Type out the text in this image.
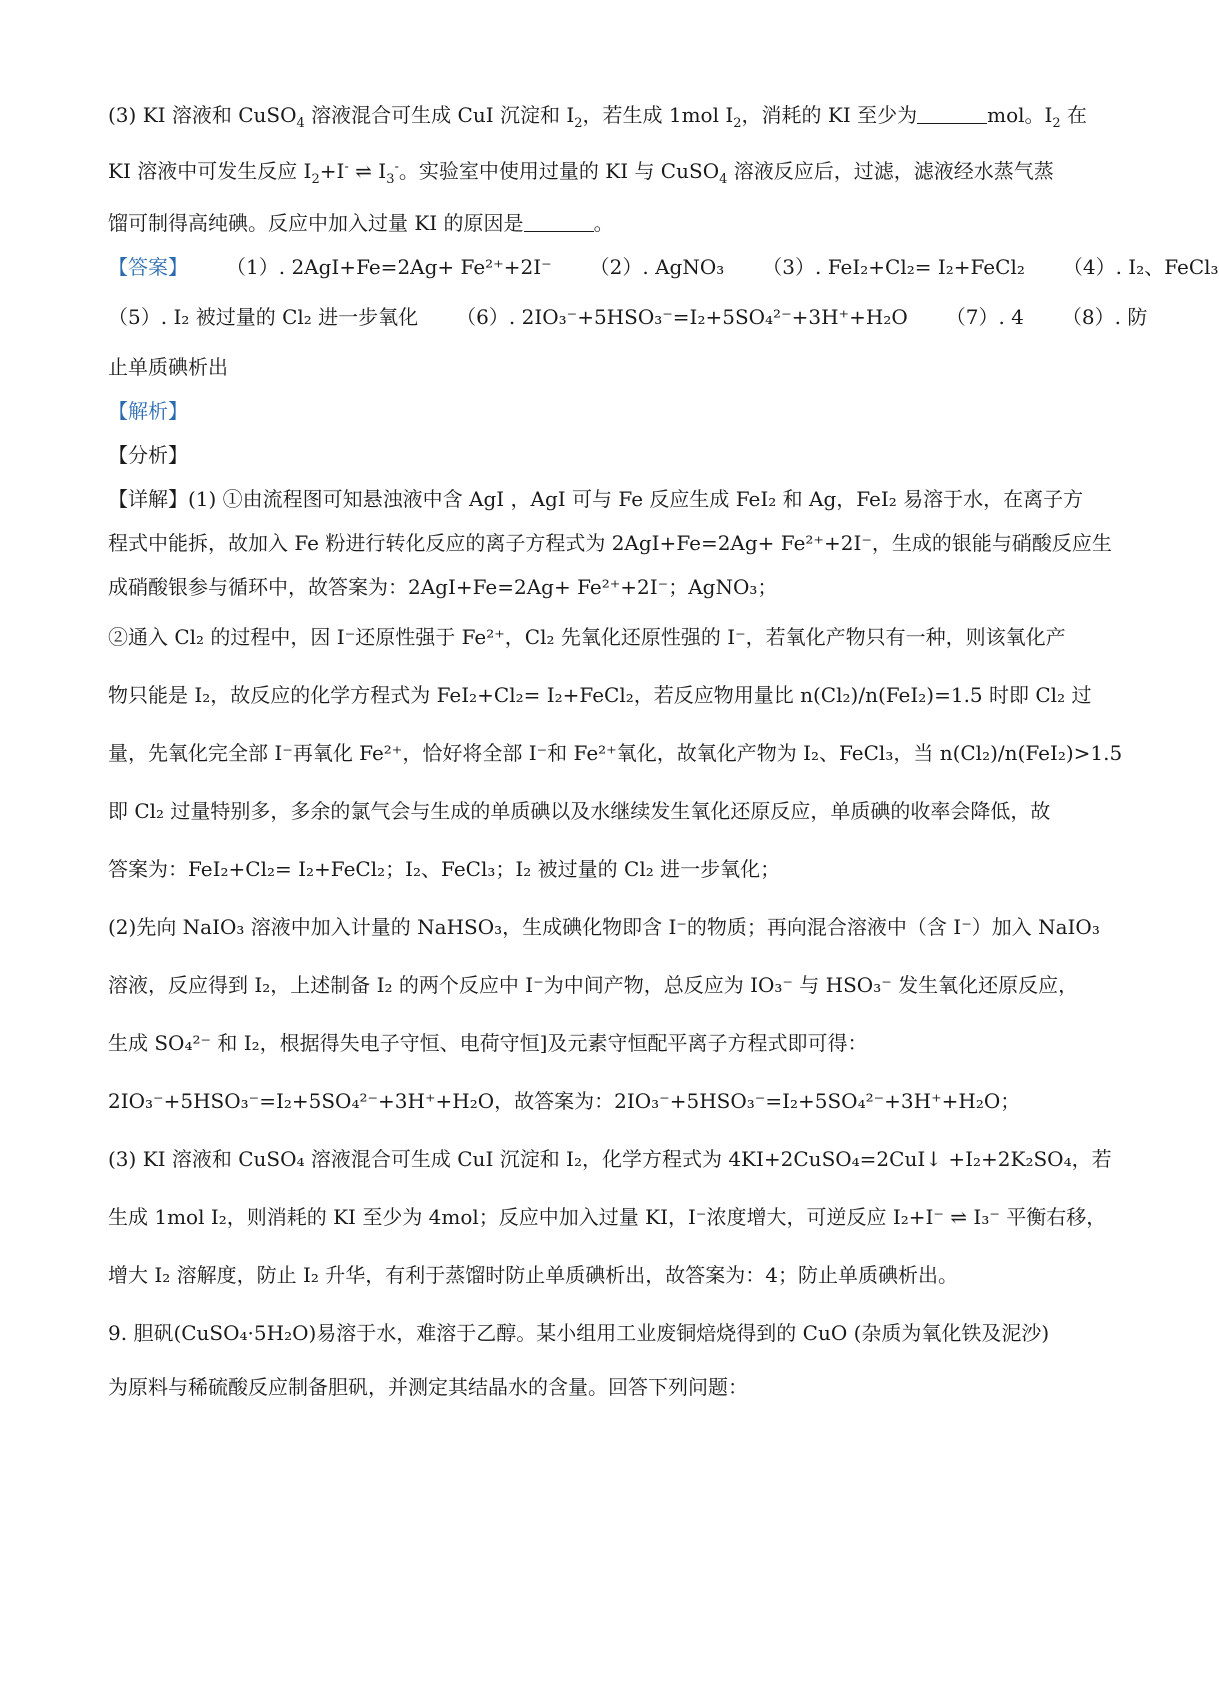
(3) KI 溶液和 CuSO$_4$ 溶液混合可生成 CuI 沉淀和 $I_2$，若生成 1mol $I_2$，消耗的 KI 至少为	mol。$I_2$ 在
KI 溶液中可发生反应 $I_2+I^-$ ⇌ $I_3^-$。实验室中使用过量的 KI 与 CuSO$_4$ 溶液反应后，过滤，滤液经水蒸气蒸
馏可制得高纯碘。反应中加入过量 KI 的原因是	。
【答案】 （1）. 2AgI+Fe=2Ag+ Fe²⁺+2I⁻ （2）. AgNO₃ （3）. FeI₂+Cl₂= I₂+FeCl₂ （4）. I₂、FeCl₃
（5）. I₂ 被过量的 Cl₂ 进一步氧化 （6）. 2IO₃⁻+5HSO₃⁻=I₂+5SO₄²⁻+3H⁺+H₂O （7）. 4 （8）. 防
止单质碘析出
【解析】
【分析】
【详解】(1) ①由流程图可知悬浊液中含 AgI ，AgI 可与 Fe 反应生成 FeI₂ 和 Ag，FeI₂ 易溶于水，在离子方
程式中能拆，故加入 Fe 粉进行转化反应的离子方程式为 2AgI+Fe=2Ag+ Fe²⁺+2I⁻，生成的银能与硝酸反应生
成硝酸银参与循环中，故答案为：2AgI+Fe=2Ag+ Fe²⁺+2I⁻；AgNO₃；
②通入 Cl₂ 的过程中，因 I⁻还原性强于 Fe²⁺，Cl₂ 先氧化还原性强的 I⁻，若氧化产物只有一种，则该氧化产
物只能是 I₂，故反应的化学方程式为 FeI₂+Cl₂= I₂+FeCl₂，若反应物用量比 n(Cl₂)/n(FeI₂)=1.5 时即 Cl₂ 过
量，先氧化完全部 I⁻再氧化 Fe²⁺，恰好将全部 I⁻和 Fe²⁺氧化，故氧化产物为 I₂、FeCl₃，当 n(Cl₂)/n(FeI₂)>1.5
即 Cl₂ 过量特别多，多余的氯气会与生成的单质碘以及水继续发生氧化还原反应，单质碘的收率会降低，故
答案为：FeI₂+Cl₂= I₂+FeCl₂；I₂、FeCl₃；I₂ 被过量的 Cl₂ 进一步氧化；
(2)先向 NaIO₃ 溶液中加入计量的 NaHSO₃，生成碘化物即含 I⁻的物质；再向混合溶液中（含 I⁻）加入 NaIO₃
溶液，反应得到 I₂，上述制备 I₂ 的两个反应中 I⁻为中间产物，总反应为 IO₃⁻ 与 HSO₃⁻ 发生氧化还原反应，
生成 SO₄²⁻ 和 I₂，根据得失电子守恒、电荷守恒]及元素守恒配平离子方程式即可得：
2IO₃⁻+5HSO₃⁻=I₂+5SO₄²⁻+3H⁺+H₂O，故答案为：2IO₃⁻+5HSO₃⁻=I₂+5SO₄²⁻+3H⁺+H₂O；
(3) KI 溶液和 CuSO₄ 溶液混合可生成 CuI 沉淀和 I₂，化学方程式为 4KI+2CuSO₄=2CuI↓ +I₂+2K₂SO₄，若
生成 1mol I₂，则消耗的 KI 至少为 4mol；反应中加入过量 KI，I⁻浓度增大，可逆反应 I₂+I⁻ ⇌ I₃⁻ 平衡右移，
增大 I₂ 溶解度，防止 I₂ 升华，有利于蒸馏时防止单质碘析出，故答案为：4；防止单质碘析出。
9. 胆矾(CuSO₄·5H₂O)易溶于水，难溶于乙醇。某小组用工业废铜焙烧得到的 CuO (杂质为氧化铁及泥沙)
为原料与稀硫酸反应制备胆矾，并测定其结晶水的含量。回答下列问题：
